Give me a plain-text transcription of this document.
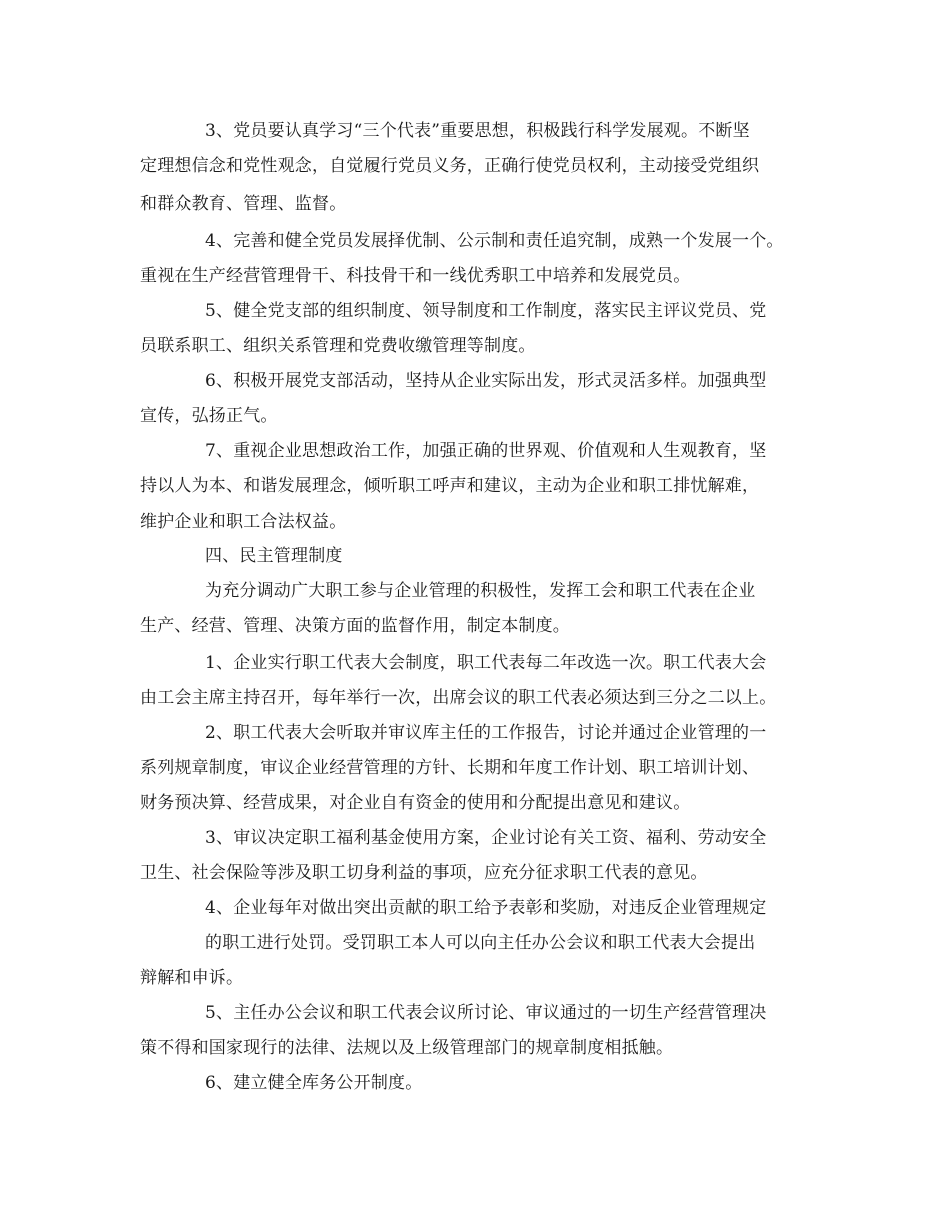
3、党员要认真学习“三个代表”重要思想，积极践行科学发展观。不断坚
定理想信念和党性观念，自觉履行党员义务，正确行使党员权利，主动接受党组织
和群众教育、管理、监督。
4、完善和健全党员发展择优制、公示制和责任追究制，成熟一个发展一个。
重视在生产经营管理骨干、科技骨干和一线优秀职工中培养和发展党员。
5、健全党支部的组织制度、领导制度和工作制度，落实民主评议党员、党
员联系职工、组织关系管理和党费收缴管理等制度。
6、积极开展党支部活动，坚持从企业实际出发，形式灵活多样。加强典型
宣传，弘扬正气。
7、重视企业思想政治工作，加强正确的世界观、价值观和人生观教育，坚
持以人为本、和谐发展理念，倾听职工呼声和建议，主动为企业和职工排忧解难，
维护企业和职工合法权益。
四、民主管理制度
为充分调动广大职工参与企业管理的积极性，发挥工会和职工代表在企业
生产、经营、管理、决策方面的监督作用，制定本制度。
1、企业实行职工代表大会制度，职工代表每二年改选一次。职工代表大会
由工会主席主持召开，每年举行一次，出席会议的职工代表必须达到三分之二以上。
2、职工代表大会听取并审议库主任的工作报告，讨论并通过企业管理的一
系列规章制度，审议企业经营管理的方针、长期和年度工作计划、职工培训计划、
财务预决算、经营成果，对企业自有资金的使用和分配提出意见和建议。
3、审议决定职工福利基金使用方案，企业讨论有关工资、福利、劳动安全
卫生、社会保险等涉及职工切身利益的事项，应充分征求职工代表的意见。
4、企业每年对做出突出贡献的职工给予表彰和奖励，对违反企业管理规定
的职工进行处罚。受罚职工本人可以向主任办公会议和职工代表大会提出
辩解和申诉。
5、主任办公会议和职工代表会议所讨论、审议通过的一切生产经营管理决
策不得和国家现行的法律、法规以及上级管理部门的规章制度相抵触。
6、建立健全库务公开制度。
